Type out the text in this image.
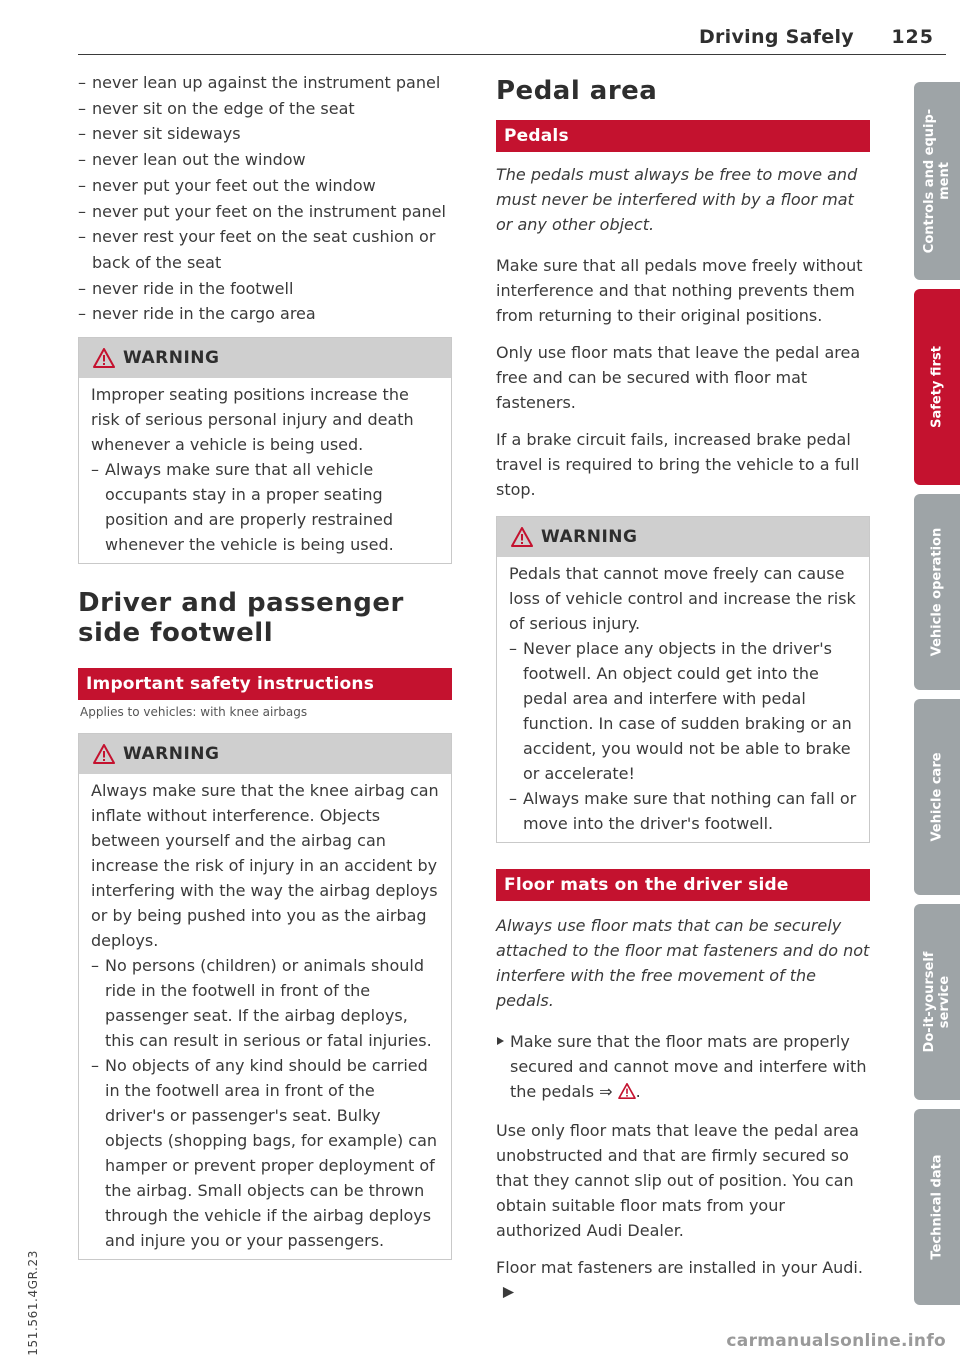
Driving Safely 125
– never lean up against the instrument panel
– never sit on the edge of the seat
– never sit sideways
– never lean out the window
– never put your feet out the window
– never put your feet on the instrument panel
– never rest your feet on the seat cushion or back of the seat
– never ride in the footwell
– never ride in the cargo area
WARNING

Improper seating positions increase the risk of serious personal injury and death whenever a vehicle is being used.

– Always make sure that all vehicle occupants stay in a proper seating position and are properly restrained whenever the vehicle is being used.
Driver and passenger side footwell
Important safety instructions
Applies to vehicles: with knee airbags
WARNING

Always make sure that the knee airbag can inflate without interference. Objects between yourself and the airbag can increase the risk of injury in an accident by interfering with the way the airbag deploys or by being pushed into you as the airbag deploys.

– No persons (children) or animals should ride in the footwell in front of the passenger seat. If the airbag deploys, this can result in serious or fatal injuries.
– No objects of any kind should be carried in the footwell area in front of the driver's or passenger's seat. Bulky objects (shopping bags, for example) can hamper or prevent proper deployment of the airbag. Small objects can be thrown through the vehicle if the airbag deploys and injure you or your passengers.
Pedal area
Pedals

The pedals must always be free to move and must never be interfered with by a floor mat or any other object.

Make sure that all pedals move freely without interference and that nothing prevents them from returning to their original positions.

Only use floor mats that leave the pedal area free and can be secured with floor mat fasteners.

If a brake circuit fails, increased brake pedal travel is required to bring the vehicle to a full stop.

WARNING

Pedals that cannot move freely can cause loss of vehicle control and increase the risk of serious injury.

– Never place any objects in the driver's footwell. An object could get into the pedal area and interfere with pedal function. In case of sudden braking or an accident, you would not be able to brake or accelerate!
– Always make sure that nothing can fall or move into the driver's footwell.
Floor mats on the driver side

Always use floor mats that can be securely attached to the floor mat fasteners and do not interfere with the free movement of the pedals.

Make sure that the floor mats are properly secured and cannot move and interfere with the pedals ⇒ .

Use only floor mats that leave the pedal area unobstructed and that are firmly secured so that they cannot slip out of position. You can obtain suitable floor mats from your authorized Audi Dealer.

Floor mat fasteners are installed in your Audi.

Controls and equip-
ment
Safety first
Vehicle operation
Vehicle care
Do-it-yourself
service
Technical data
151.561.4GR.23	carmanualsonline.info
